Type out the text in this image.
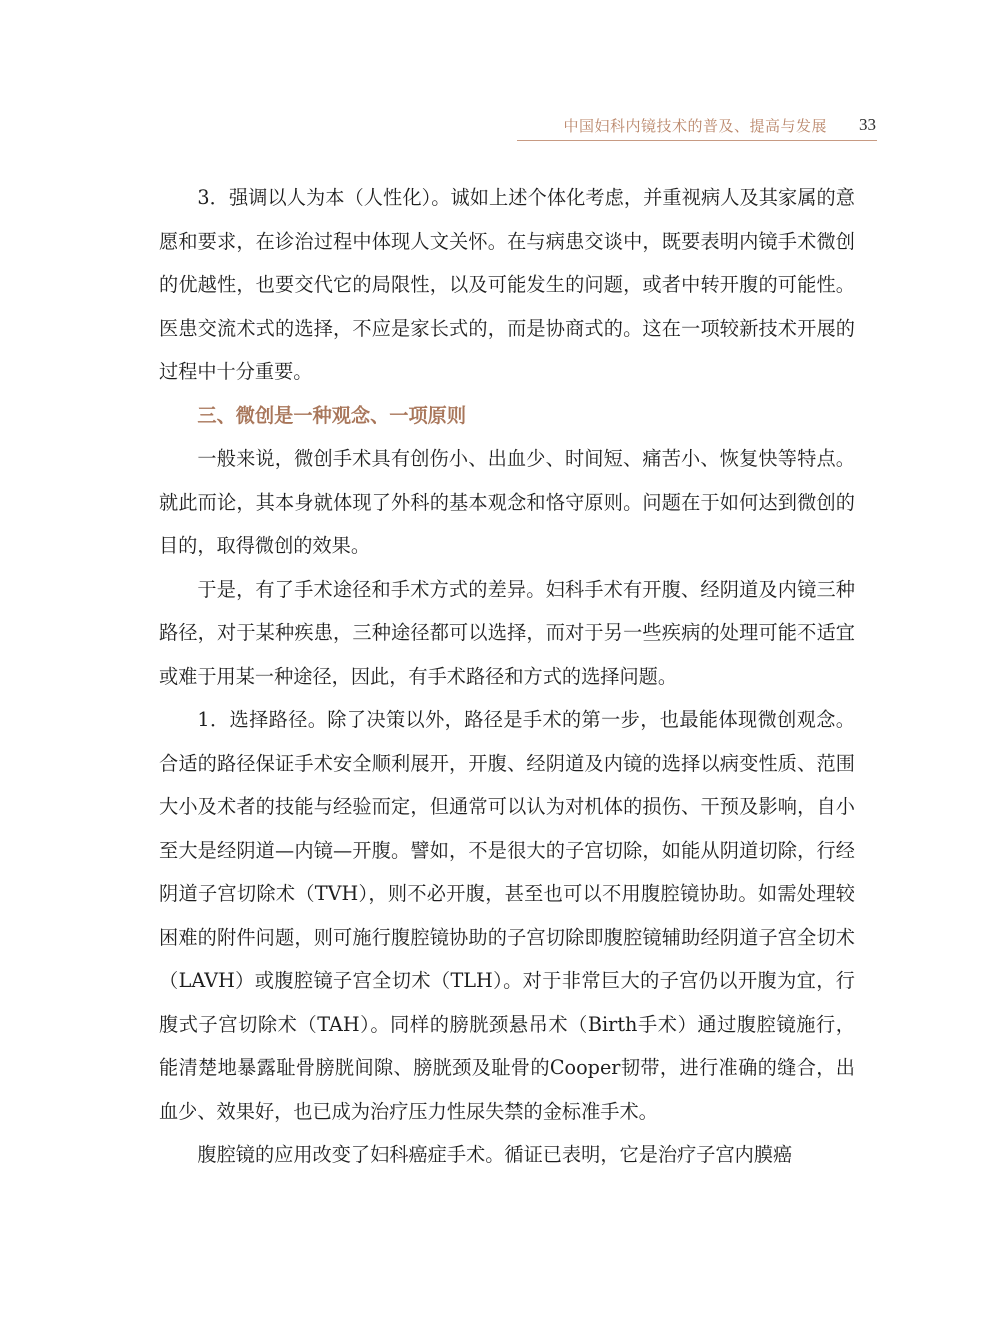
中国妇科内镜技术的普及、提高与发展 33

3．强调以人为本（人性化）。诚如上述个体化考虑，并重视病人及其家属的意愿和要求，在诊治过程中体现人文关怀。在与病患交谈中，既要表明内镜手术微创的优越性，也要交代它的局限性，以及可能发生的问题，或者中转开腹的可能性。医患交流术式的选择，不应是家长式的，而是协商式的。这在一项较新技术开展的过程中十分重要。

三、微创是一种观念、一项原则

一般来说，微创手术具有创伤小、出血少、时间短、痛苦小、恢复快等特点。就此而论，其本身就体现了外科的基本观念和恪守原则。问题在于如何达到微创的目的，取得微创的效果。

于是，有了手术途径和手术方式的差异。妇科手术有开腹、经阴道及内镜三种路径，对于某种疾患，三种途径都可以选择，而对于另一些疾病的处理可能不适宜或难于用某一种途径，因此，有手术路径和方式的选择问题。

1．选择路径。除了决策以外，路径是手术的第一步，也最能体现微创观念。合适的路径保证手术安全顺利展开，开腹、经阴道及内镜的选择以病变性质、范围大小及术者的技能与经验而定，但通常可以认为对机体的损伤、干预及影响，自小至大是经阴道—内镜—开腹。譬如，不是很大的子宫切除，如能从阴道切除，行经阴道子宫切除术（TVH），则不必开腹，甚至也可以不用腹腔镜协助。如需处理较困难的附件问题，则可施行腹腔镜协助的子宫切除即腹腔镜辅助经阴道子宫全切术（LAVH）或腹腔镜子宫全切术（TLH）。对于非常巨大的子宫仍以开腹为宜，行腹式子宫切除术（TAH）。同样的膀胱颈悬吊术（Birth手术）通过腹腔镜施行，能清楚地暴露耻骨膀胱间隙、膀胱颈及耻骨的Cooper韧带，进行准确的缝合，出血少、效果好，也已成为治疗压力性尿失禁的金标准手术。

腹腔镜的应用改变了妇科癌症手术。循证已表明，它是治疗子宫内膜癌
